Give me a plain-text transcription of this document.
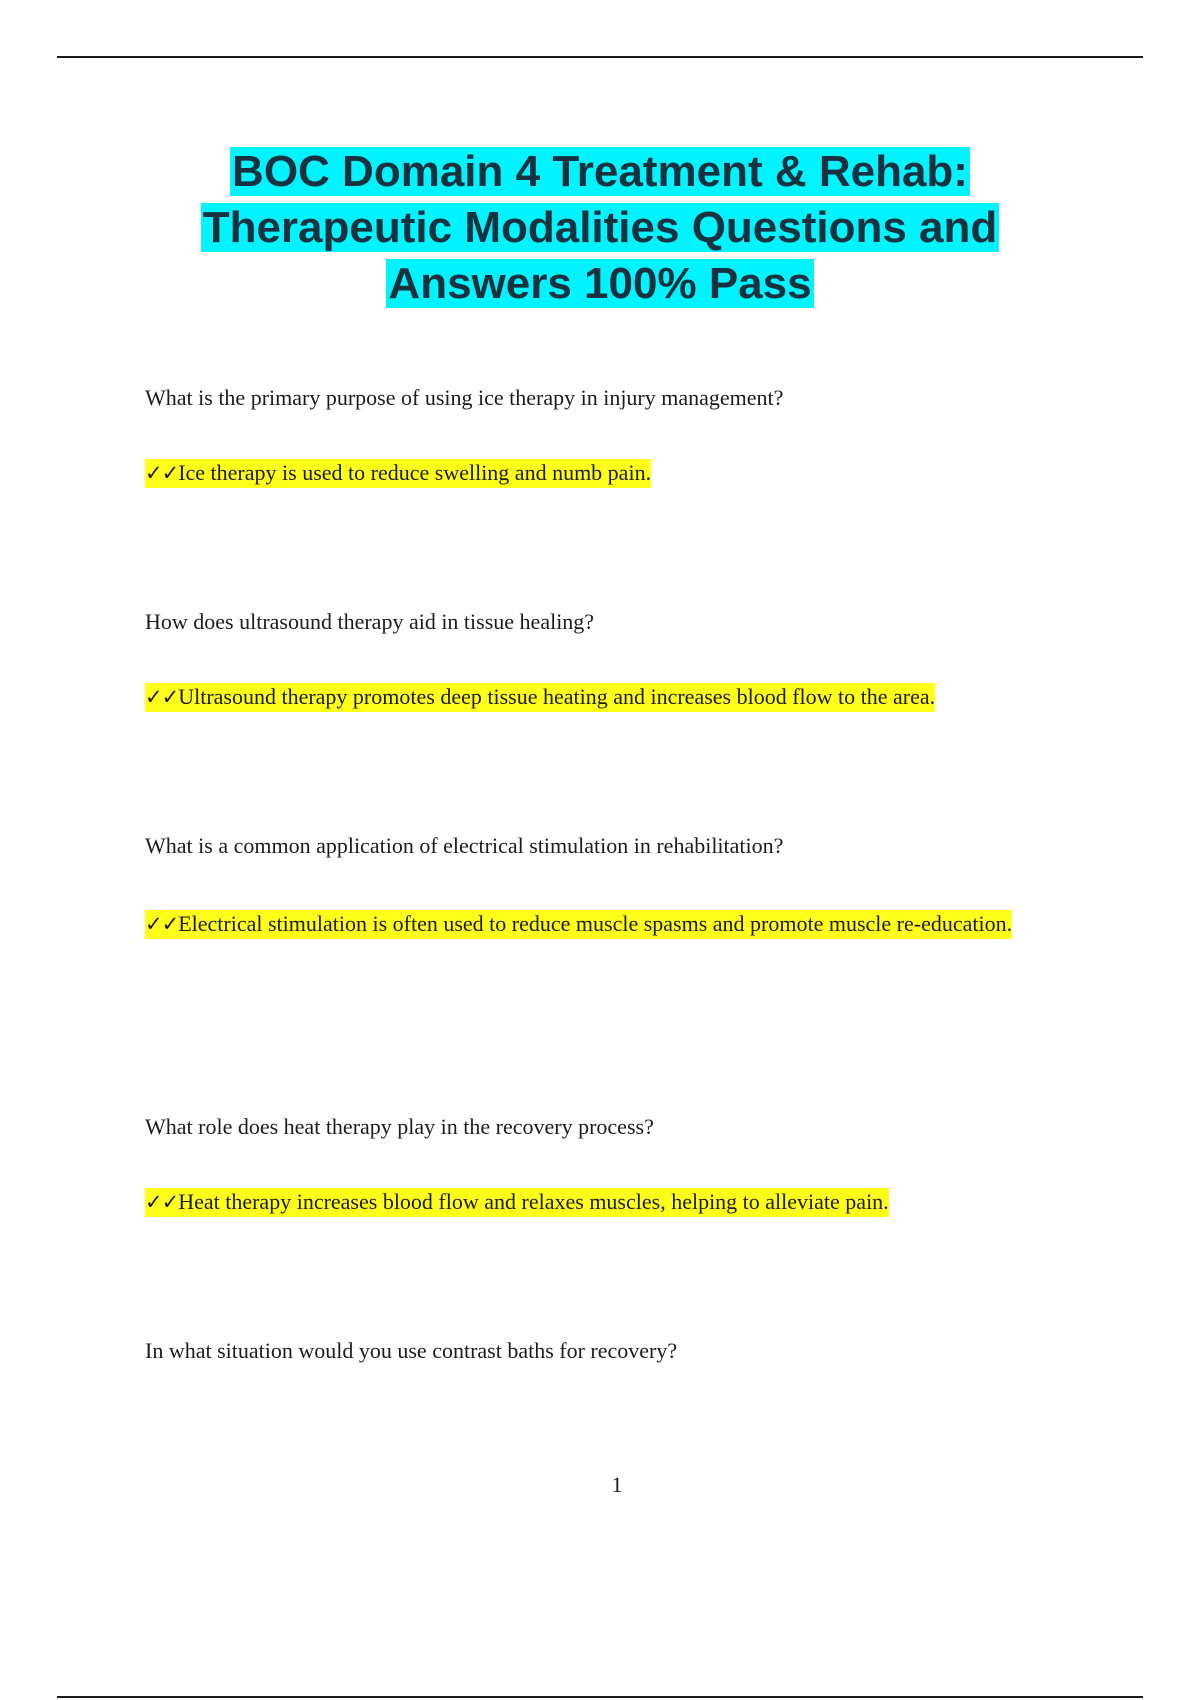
BOC Domain 4 Treatment & Rehab: Therapeutic Modalities Questions and Answers 100% Pass

What is the primary purpose of using ice therapy in injury management?

✓✓Ice therapy is used to reduce swelling and numb pain.

How does ultrasound therapy aid in tissue healing?

✓✓Ultrasound therapy promotes deep tissue heating and increases blood flow to the area.

What is a common application of electrical stimulation in rehabilitation?

✓✓Electrical stimulation is often used to reduce muscle spasms and promote muscle re-education.

What role does heat therapy play in the recovery process?

✓✓Heat therapy increases blood flow and relaxes muscles, helping to alleviate pain.

In what situation would you use contrast baths for recovery?

1
